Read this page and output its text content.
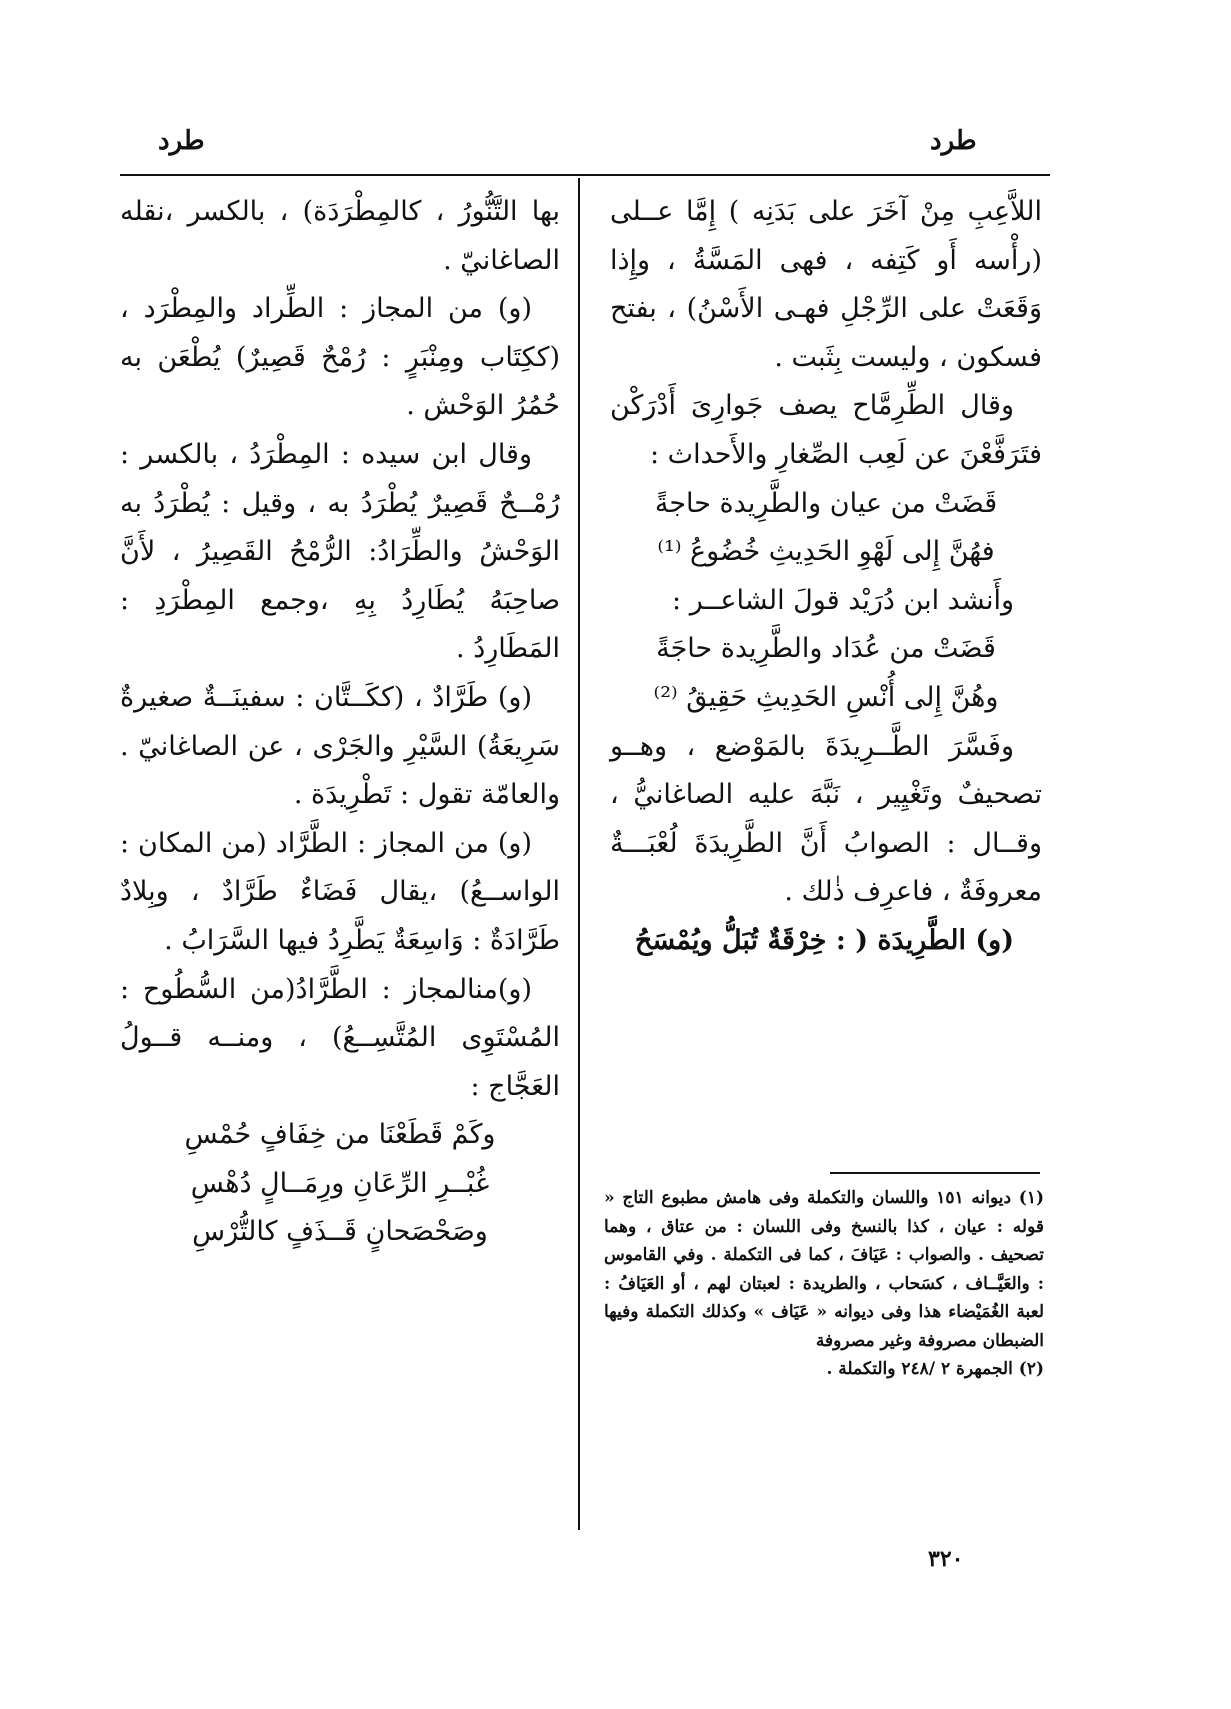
طرد
طرد

اللاَّعِبِ مِنْ آخَرَ على بَدَنِه ) إِمَّا عــلى (رأْسه أَو كَتِفه ، فهى المَسَّةُ ، وإِذا وَقَعَتْ على الرِّجْلِ فهـى الأَسْنُ) ، بفتح فسكون ، وليست بِثَبت .

وقال الطِّرِمَّاح يصف جَوارِىَ أَدْرَكْن فتَرَفَّعْنَ عن لَعِب الصِّغارِ والأَحداث :

قَضَتْ من عيان والطَّرِيدة حاجةً

فهُنَّ إِلى لَهْوِ الحَدِيثِ خُضُوعُ ⁽¹⁾

وأَنشد ابن دُرَيْد قولَ الشاعــر :

قَضَتْ من عُدَاد والطَّرِيدة حاجَةً

وهُنَّ إِلى أُنْسِ الحَدِيثِ حَقِيقُ ⁽²⁾

وفَسَّرَ الطَّــرِيدَةَ بالمَوْضع ، وهــو تصحيفٌ وتَغْيِير ، نَبَّهَ عليه الصاغانيُّ ، وقــال : الصوابُ أَنَّ الطَّرِيدَةَ لُعْبَـــةٌ معروفَةٌ ، فاعرِف ذٰلك .

(و) الطَّرِيدَة ( : خِرْقَةٌ تُبَلُّ ويُمْسَحُ

بها التَّنُّورُ ، كالمِطْرَدَة) ، بالكسر ،نقله الصاغانيّ .

(و) من المجاز : الطِّراد والمِطْرَد ، (ككِتَاب ومِنْبَرٍ : رُمْحٌ قَصِيرٌ) يُطْعَن به حُمُرُ الوَحْش .

وقال ابن سيده : المِطْرَدُ ، بالكسر : رُمْــحٌ قَصِيرٌ يُطْرَدُ به ، وقيل : يُطْرَدُ به الوَحْشُ والطِّرَادُ: الرُّمْحُ القَصِيرُ ، لأَنَّ صاحِبَهُ يُطَارِدُ بِهِ ،وجمع المِطْرَدِ : المَطَارِدُ .

(و) طَرَّادٌ ، (ككَــتَّان : سفينَــةٌ صغيرةٌ سَرِيعَةُ) السَّيْرِ والجَرْى ، عن الصاغانيّ . والعامّة تقول : تَطْرِيدَة .

(و) من المجاز : الطَّرَّاد (من المكان : الواســعُ) ،يقال فَضَاءٌ طَرَّادٌ ، وبِلادٌ طَرَّادَةٌ : وَاسِعَةٌ يَطَّرِدُ فيها السَّرَابُ .

(و)منالمجاز : الطَّرَّادُ(من السُّطُوح : المُسْتَوِى المُتَّسِــعُ) ، ومنــه قــولُ العَجَّاج :

وكَمْ قَطَعْنَا من خِفَافٍ حُمْسِ

غُبْــرِ الرِّعَانِ ورِمَــالٍ دُهْسِ

وصَحْصَحانٍ قَــذَفٍ كالتُّرْسِ

(١) ديوانه ١٥١ واللسان والتكملة وفى هامش مطبوع التاج « قوله : عيان ، كذا بالنسخ وفى اللسان : من عتاق ، وهما تصحيف . والصواب : عَيَافَ ، كما فى التكملة . وفي القاموس : والعَيَّــاف ، كسَحاب ، والطريدة : لعبتان لهم ، أو العَيَافُ : لعبة الغُمَيْضاء هذا وفى ديوانه « عَيَاف » وكذلك التكملة وفيها الضبطان مصروفة وغير مصروفة

(٢) الجمهرة ٢ /٢٤٨ والتكملة .

٣٢٠
